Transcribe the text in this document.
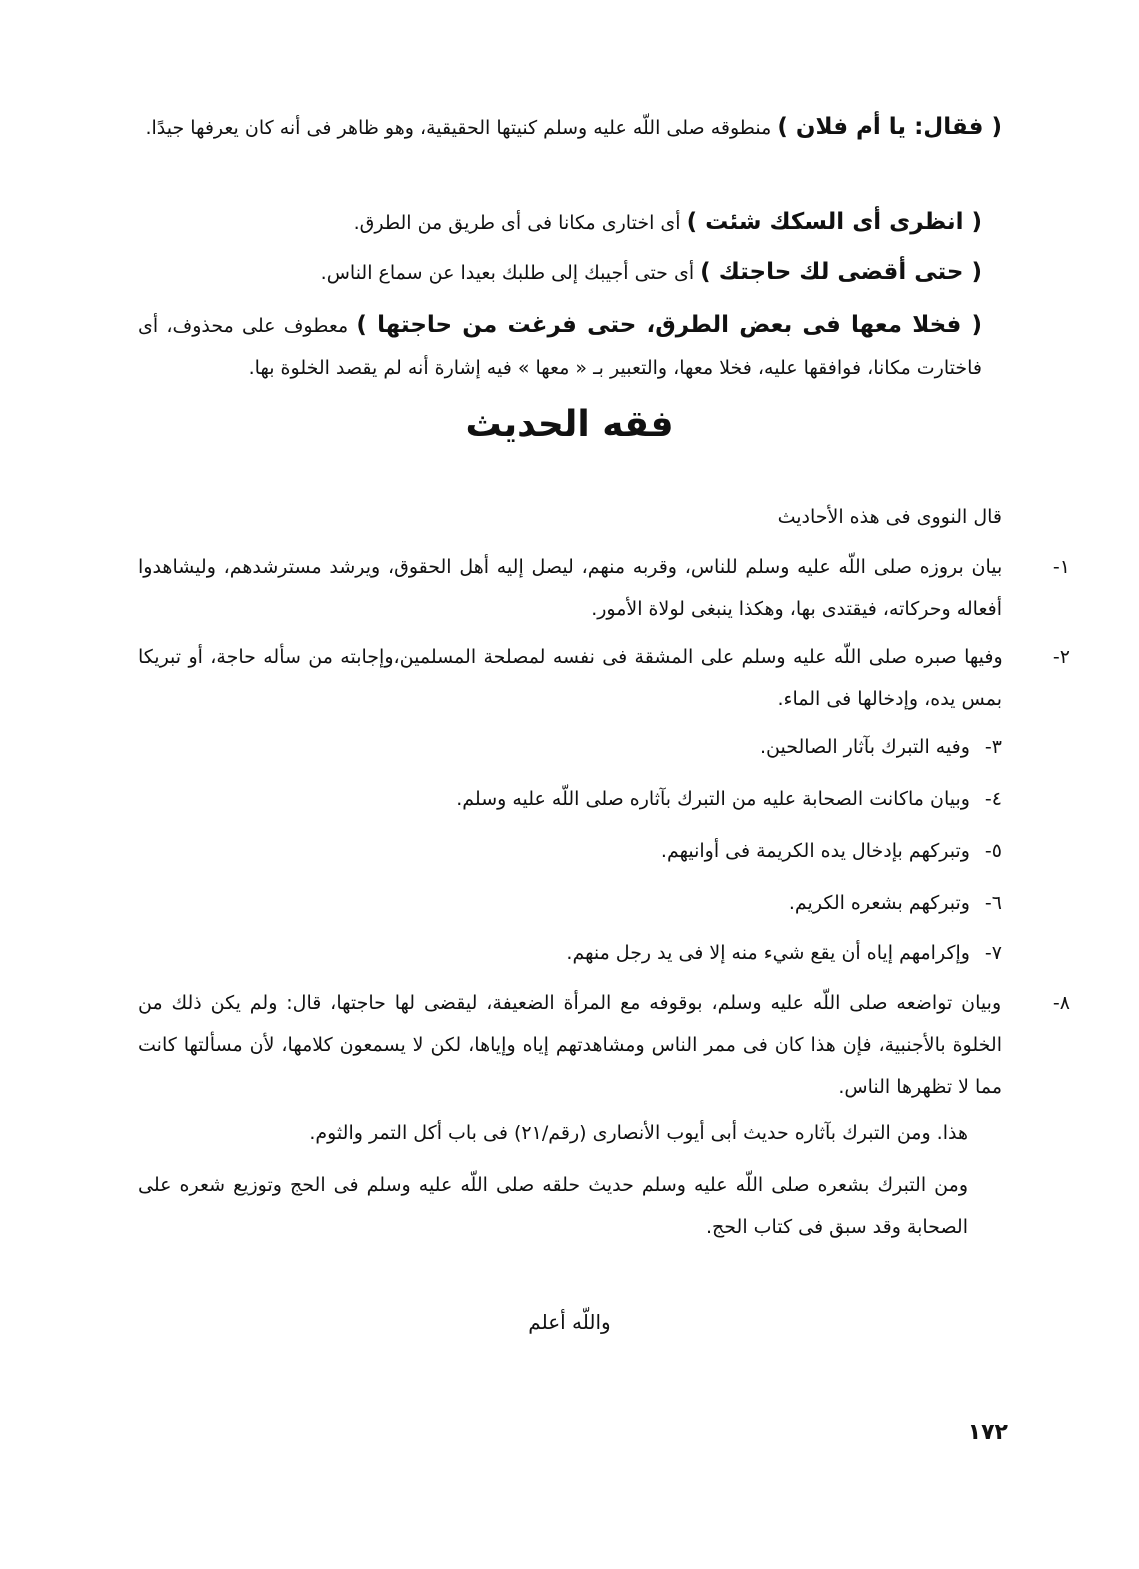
( فقال: يا أم فلان ) منطوقه صلى اللّه عليه وسلم كنيتها الحقيقية، وهو ظاهر فى أنه كان يعرفها جيدًا.

( انظرى أى السكك شئت ) أى اختارى مكانا فى أى طريق من الطرق.

( حتى أقضى لك حاجتك ) أى حتى أجيبك إلى طلبك بعيدا عن سماع الناس.

( فخلا معها فى بعض الطرق، حتى فرغت من حاجتها ) معطوف على محذوف، أى فاختارت مكانا، فوافقها عليه، فخلا معها، والتعبير بـ « معها » فيه إشارة أنه لم يقصد الخلوة بها.

فقه الحديث

قال النووى فى هذه الأحاديث

١- بيان بروزه صلى اللّه عليه وسلم للناس، وقربه منهم، ليصل إليه أهل الحقوق، ويرشد مسترشدهم، وليشاهدوا أفعاله وحركاته، فيقتدى بها، وهكذا ينبغى لولاة الأمور.

٢- وفيها صبره صلى اللّه عليه وسلم على المشقة فى نفسه لمصلحة المسلمين،وإجابته من سأله حاجة، أو تبريكا بمس يده، وإدخالها فى الماء.

٣- وفيه التبرك بآثار الصالحين.

٤- وبيان ماكانت الصحابة عليه من التبرك بآثاره صلى اللّه عليه وسلم.

٥- وتبركهم بإدخال يده الكريمة فى أوانيهم.

٦- وتبركهم بشعره الكريم.

٧- وإكرامهم إياه أن يقع شيء منه إلا فى يد رجل منهم.

٨- وبيان تواضعه صلى اللّه عليه وسلم، بوقوفه مع المرأة الضعيفة، ليقضى لها حاجتها، قال: ولم يكن ذلك من الخلوة بالأجنبية، فإن هذا كان فى ممر الناس ومشاهدتهم إياه وإياها، لكن لا يسمعون كلامها، لأن مسألتها كانت مما لا تظهرها الناس.

هذا. ومن التبرك بآثاره حديث أبى أيوب الأنصارى (رقم/٢١) فى باب أكل التمر والثوم.

ومن التبرك بشعره صلى اللّه عليه وسلم حديث حلقه صلى اللّه عليه وسلم فى الحج وتوزيع شعره على الصحابة وقد سبق فى كتاب الحج.

واللّه أعلم
١٧٢
